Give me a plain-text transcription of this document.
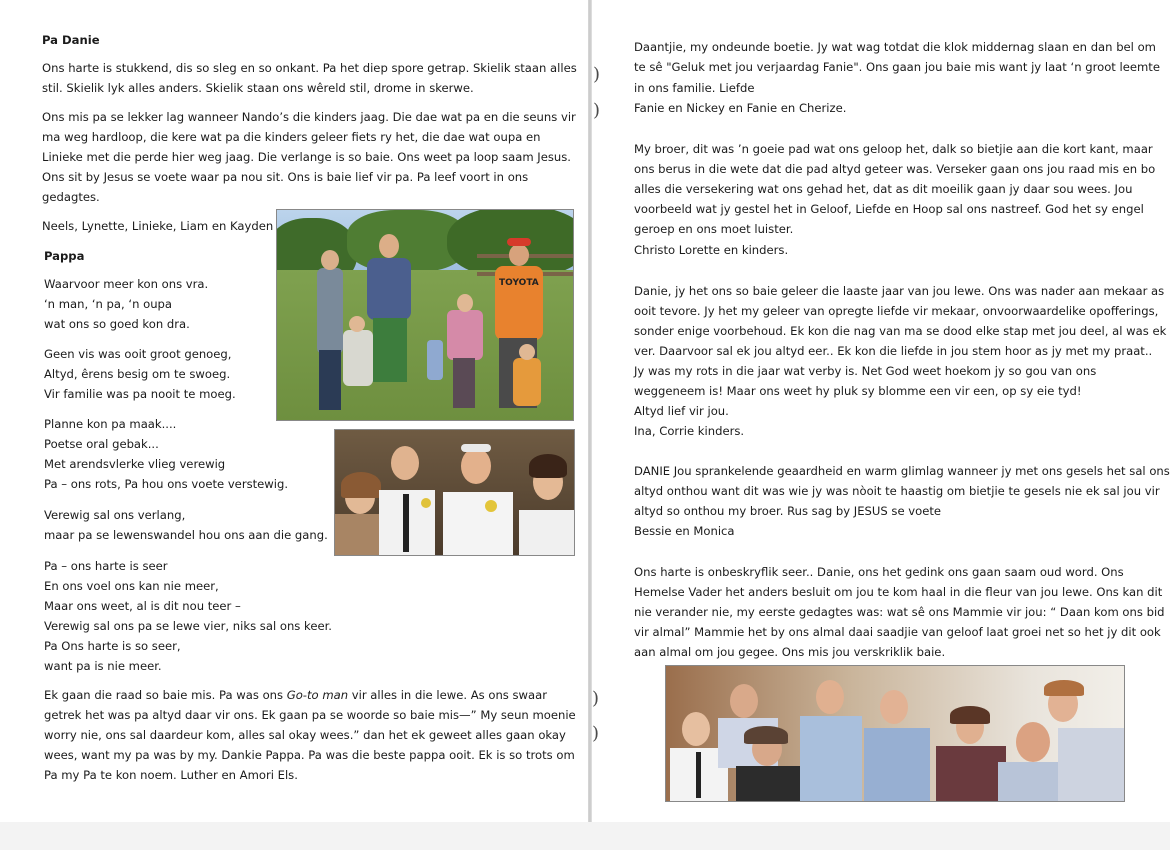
)
)
)
)
Pa Danie
Ons harte is stukkend, dis so sleg en so onkant. Pa het diep spore getrap. Skielik staan alles
stil. Skielik lyk alles anders. Skielik staan ons wêreld stil, drome in skerwe.
Ons mis pa se lekker lag wanneer Nando’s die kinders jaag. Die dae wat pa en die seuns vir
ma weg hardloop, die kere wat pa die kinders geleer fiets ry het, die dae wat oupa en
Linieke met die perde hier weg jaag. Die verlange is so baie. Ons weet pa loop saam Jesus.
Ons sit by Jesus se voete waar pa nou sit. Ons is baie lief vir pa. Pa leef voort in ons
gedagtes.
Neels, Lynette, Linieke, Liam en Kayden
Pappa
Waarvoor meer kon ons vra.
‘n man, ‘n pa, ‘n oupa
wat ons so goed kon dra.
Geen vis was ooit groot genoeg,
Altyd, êrens besig om te swoeg.
Vir familie was pa nooit te moeg.
Planne kon pa maak....
Poetse oral gebak...
Met arendsvlerke vlieg verewig
Pa – ons rots, Pa hou ons voete verstewig.
Verewig sal ons verlang,
maar pa se lewenswandel hou ons aan die gang.
Pa – ons harte is seer
En ons voel ons kan nie meer,
Maar ons weet, al is dit nou teer –
Verewig sal ons pa se lewe vier, niks sal ons keer.
Pa Ons harte is so seer,
want pa is nie meer.
Ek gaan die raad so baie mis. Pa was ons Go-to man vir alles in die lewe. As ons swaar
getrek het was pa altyd daar vir ons. Ek gaan pa se woorde so baie mis—” My seun moenie
worry nie, ons sal daardeur kom, alles sal okay wees.” dan het ek geweet alles gaan okay
wees, want my pa was by my. Dankie Pappa. Pa was die beste pappa ooit. Ek is so trots om
Pa my Pa te kon noem. Luther en Amori Els.
TOYOTA
Daantjie, my ondeunde boetie. Jy wat wag totdat die klok middernag slaan en dan bel om
te sê "Geluk met jou verjaardag Fanie". Ons gaan jou baie mis want jy laat ‘n groot leemte
in ons familie. Liefde
Fanie en Nickey en Fanie en Cherize.
My broer, dit was ’n goeie pad wat ons geloop het, dalk so bietjie aan die kort kant, maar
ons berus in die wete dat die pad altyd geteer was. Verseker gaan ons jou raad mis en bo
alles die versekering wat ons gehad het, dat as dit moeilik gaan jy daar sou wees. Jou
voorbeeld wat jy gestel het in Geloof, Liefde en Hoop sal ons nastreef. God het sy engel
geroep en ons moet luister.
Christo Lorette en kinders.
Danie, jy het ons so baie geleer die laaste jaar van jou lewe. Ons was nader aan mekaar as
ooit tevore. Jy het my geleer van opregte liefde vir mekaar, onvoorwaardelike opofferings,
sonder enige voorbehoud. Ek kon die nag van ma se dood elke stap met jou deel, al was ek
ver. Daarvoor sal ek jou altyd eer.. Ek kon die liefde in jou stem hoor as jy met my praat..
Jy was my rots in die jaar wat verby is. Net God weet hoekom jy so gou van ons
weggeneem is! Maar ons weet hy pluk sy blomme een vir een, op sy eie tyd!
Altyd lief vir jou.
Ina, Corrie kinders.
DANIE Jou sprankelende geaardheid en warm glimlag wanneer jy met ons gesels het sal ons
altyd onthou want dit was wie jy was nòoit te haastig om bietjie te gesels nie ek sal jou vir
altyd so onthou my broer. Rus sag by JESUS se voete
Bessie en Monica
Ons harte is onbeskryflik seer.. Danie, ons het gedink ons gaan saam oud word. Ons
Hemelse Vader het anders besluit om jou te kom haal in die fleur van jou lewe. Ons kan dit
nie verander nie, my eerste gedagtes was: wat sê ons Mammie vir jou: “ Daan kom ons bid
vir almal” Mammie het by ons almal daai saadjie van geloof laat groei net so het jy dit ook
aan almal om jou gegee. Ons mis jou verskriklik baie.
